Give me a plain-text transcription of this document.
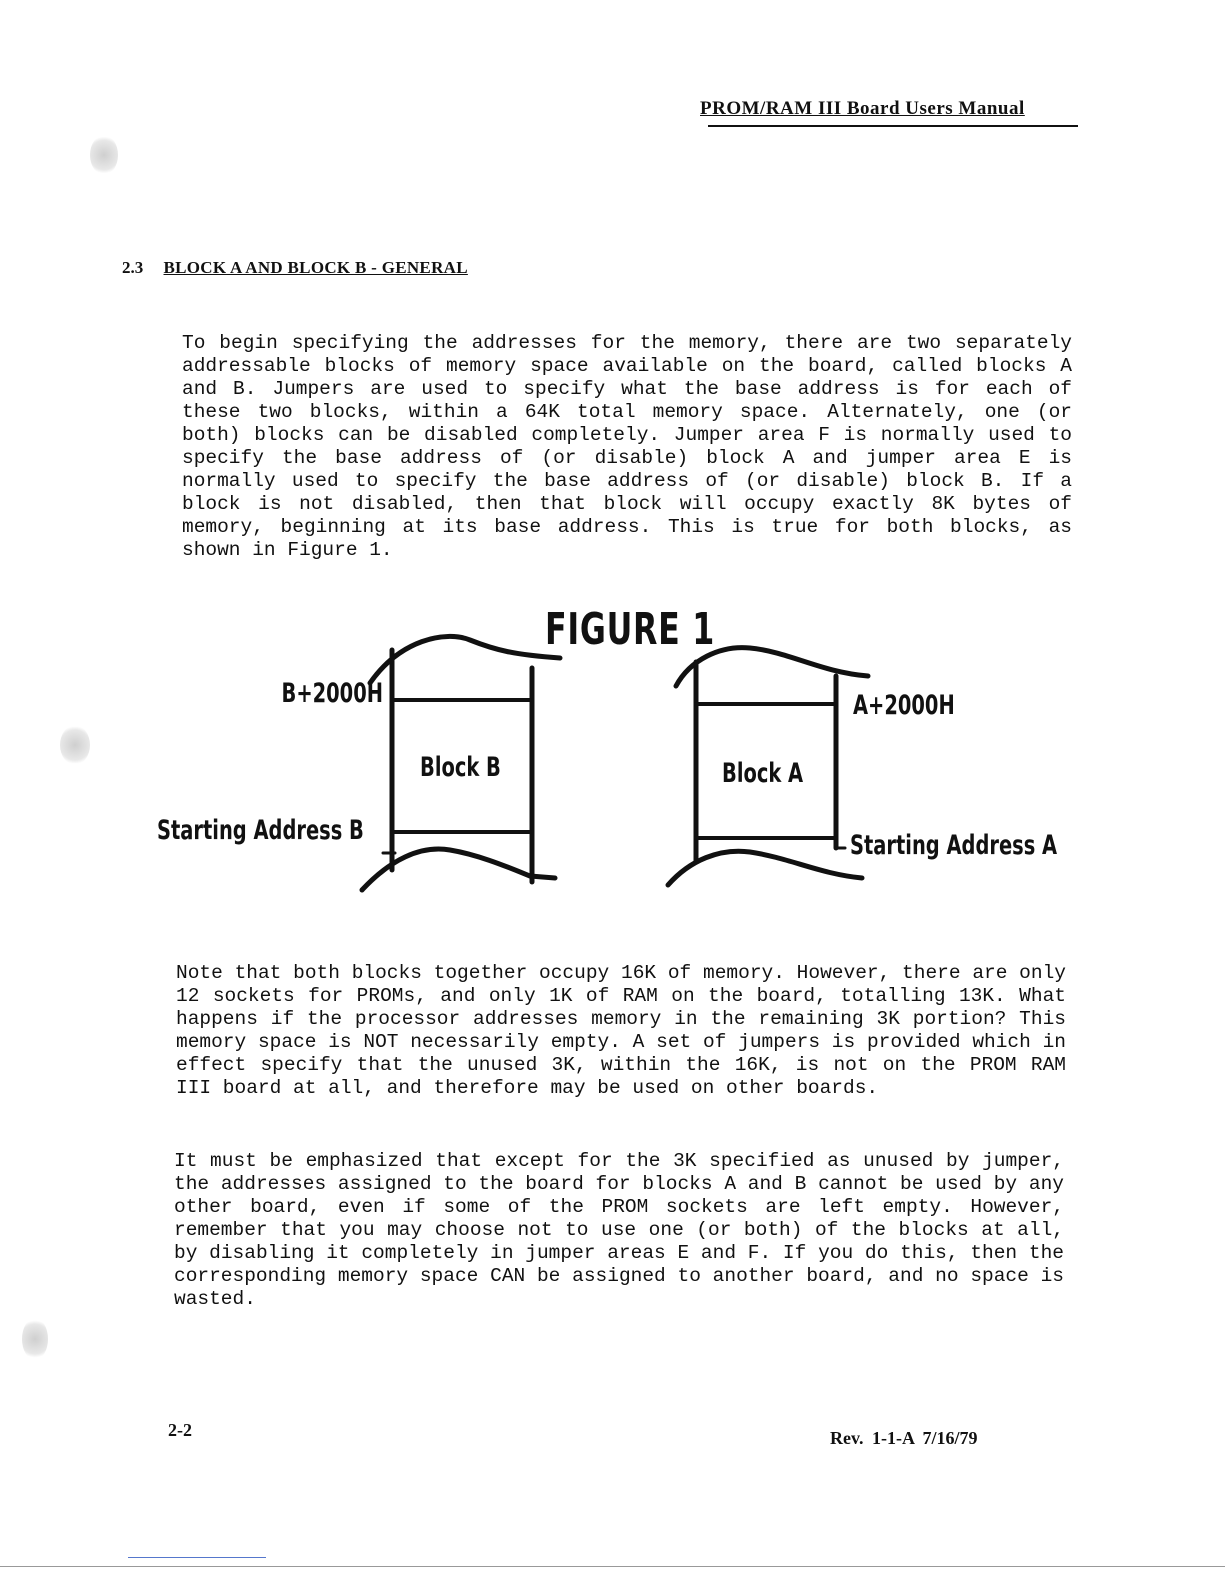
PROM/RAM III Board Users Manual
2.3 BLOCK A AND BLOCK B - GENERAL
To begin specifying the addresses for the memory, there are two separately addressable blocks of memory space available on the board, called blocks A and B. Jumpers are used to specify what the base address is for each of these two blocks, within a 64K total memory space. Alternately, one (or both) blocks can be disabled completely. Jumper area F is normally used to specify the base address of (or disable) block A and jumper area E is normally used to specify the base address of (or disable) block B. If a block is not disabled, then that block will occupy exactly 8K bytes of memory, beginning at its base address. This is true for both blocks, as shown in Figure 1.
FIGURE 1
B+2000H
Block B
Starting Address B
Block A
A+2000H
Starting Address A
Note that both blocks together occupy 16K of memory. However, there are only 12 sockets for PROMs, and only 1K of RAM on the board, totalling 13K. What happens if the processor addresses memory in the remaining 3K portion? This memory space is NOT necessarily empty. A set of jumpers is provided which in effect specify that the unused 3K, within the 16K, is not on the PROM RAM III board at all, and therefore may be used on other boards.
It must be emphasized that except for the 3K specified as unused by jumper, the addresses assigned to the board for blocks A and B cannot be used by any other board, even if some of the PROM sockets are left empty. However, remember that you may choose not to use one (or both) of the blocks at all, by disabling it completely in jumper areas E and F. If you do this, then the corresponding memory space CAN be assigned to another board, and no space is wasted.
2-2	Rev. 1-1-A 7/16/79
